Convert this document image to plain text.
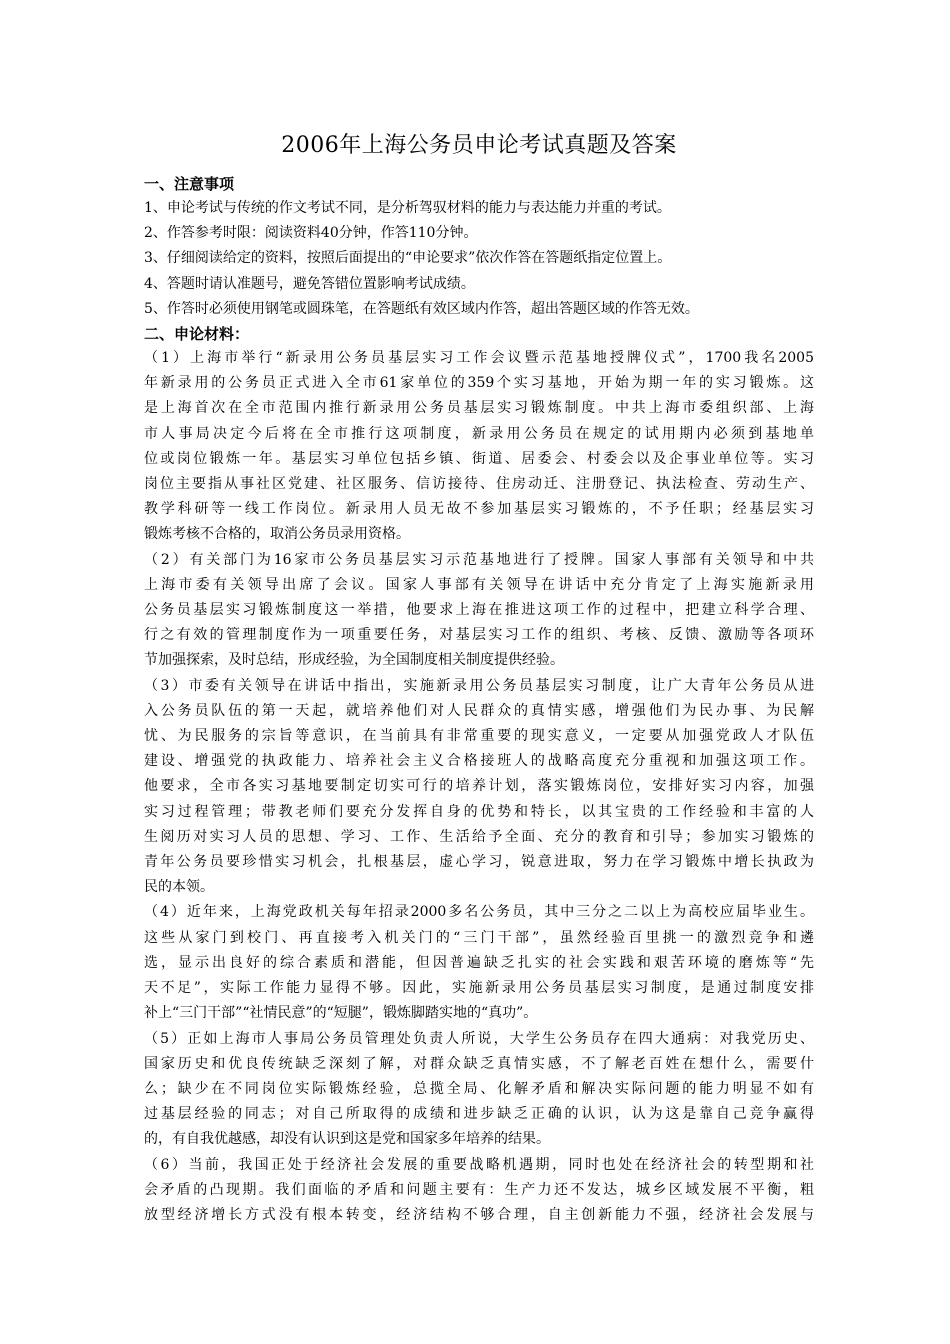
2006年上海公务员申论考试真题及答案

一、注意事项

1、申论考试与传统的作文考试不同，是分析驾驭材料的能力与表达能力并重的考试。

2、作答参考时限：阅读资料40分钟，作答110分钟。

3、仔细阅读给定的资料，按照后面提出的“申论要求”依次作答在答题纸指定位置上。

4、答题时请认准题号，避免答错位置影响考试成绩。

5、作答时必须使用钢笔或圆珠笔，在答题纸有效区域内作答，超出答题区域的作答无效。

二、申论材料：

（1）上海市举行“新录用公务员基层实习工作会议暨示范基地授牌仪式”，1700我名2005
年新录用的公务员正式进入全市61家单位的359个实习基地，开始为期一年的实习锻炼。这
是上海首次在全市范围内推行新录用公务员基层实习锻炼制度。中共上海市委组织部、上海
市人事局决定今后将在全市推行这项制度，新录用公务员在规定的试用期内必须到基地单
位或岗位锻炼一年。基层实习单位包括乡镇、街道、居委会、村委会以及企事业单位等。实习
岗位主要指从事社区党建、社区服务、信访接待、住房动迁、注册登记、执法检查、劳动生产、
教学科研等一线工作岗位。新录用人员无故不参加基层实习锻炼的，不予任职；经基层实习
锻炼考核不合格的，取消公务员录用资格。
（2）有关部门为16家市公务员基层实习示范基地进行了授牌。国家人事部有关领导和中共
上海市委有关领导出席了会议。国家人事部有关领导在讲话中充分肯定了上海实施新录用
公务员基层实习锻炼制度这一举措，他要求上海在推进这项工作的过程中，把建立科学合理、
行之有效的管理制度作为一项重要任务，对基层实习工作的组织、考核、反馈、激励等各项环
节加强探索，及时总结，形成经验，为全国制度相关制度提供经验。
（3）市委有关领导在讲话中指出，实施新录用公务员基层实习制度，让广大青年公务员从进
入公务员队伍的第一天起，就培养他们对人民群众的真情实感，增强他们为民办事、为民解
忧、为民服务的宗旨等意识，在当前具有非常重要的现实意义，一定要从加强党政人才队伍
建设、增强党的执政能力、培养社会主义合格接班人的战略高度充分重视和加强这项工作。
他要求，全市各实习基地要制定切实可行的培养计划，落实锻炼岗位，安排好实习内容，加强
实习过程管理；带教老师们要充分发挥自身的优势和特长，以其宝贵的工作经验和丰富的人
生阅历对实习人员的思想、学习、工作、生活给予全面、充分的教育和引导；参加实习锻炼的
青年公务员要珍惜实习机会，扎根基层，虚心学习，锐意进取，努力在学习锻炼中增长执政为
民的本领。
（4）近年来，上海党政机关每年招录2000多名公务员，其中三分之二以上为高校应届毕业生。
这些从家门到校门、再直接考入机关门的“三门干部”，虽然经验百里挑一的激烈竞争和遴
选，显示出良好的综合素质和潜能，但因普遍缺乏扎实的社会实践和艰苦环境的磨炼等“先
天不足”，实际工作能力显得不够。因此，实施新录用公务员基层实习制度，是通过制度安排
补上“三门干部”“社情民意”的“短腿”，锻炼脚踏实地的“真功”。
（5）正如上海市人事局公务员管理处负责人所说，大学生公务员存在四大通病：对我党历史、
国家历史和优良传统缺乏深刻了解，对群众缺乏真情实感，不了解老百姓在想什么，需要什
么；缺少在不同岗位实际锻炼经验，总揽全局、化解矛盾和解决实际问题的能力明显不如有
过基层经验的同志；对自己所取得的成绩和进步缺乏正确的认识，认为这是靠自己竞争赢得
的，有自我优越感，却没有认识到这是党和国家多年培养的结果。
（6）当前，我国正处于经济社会发展的重要战略机遇期，同时也处在经济社会的转型期和社
会矛盾的凸现期。我们面临的矛盾和问题主要有：生产力还不发达，城乡区域发展不平衡，粗
放型经济增长方式没有根本转变，经济结构不够合理，自主创新能力不强，经济社会发展与
